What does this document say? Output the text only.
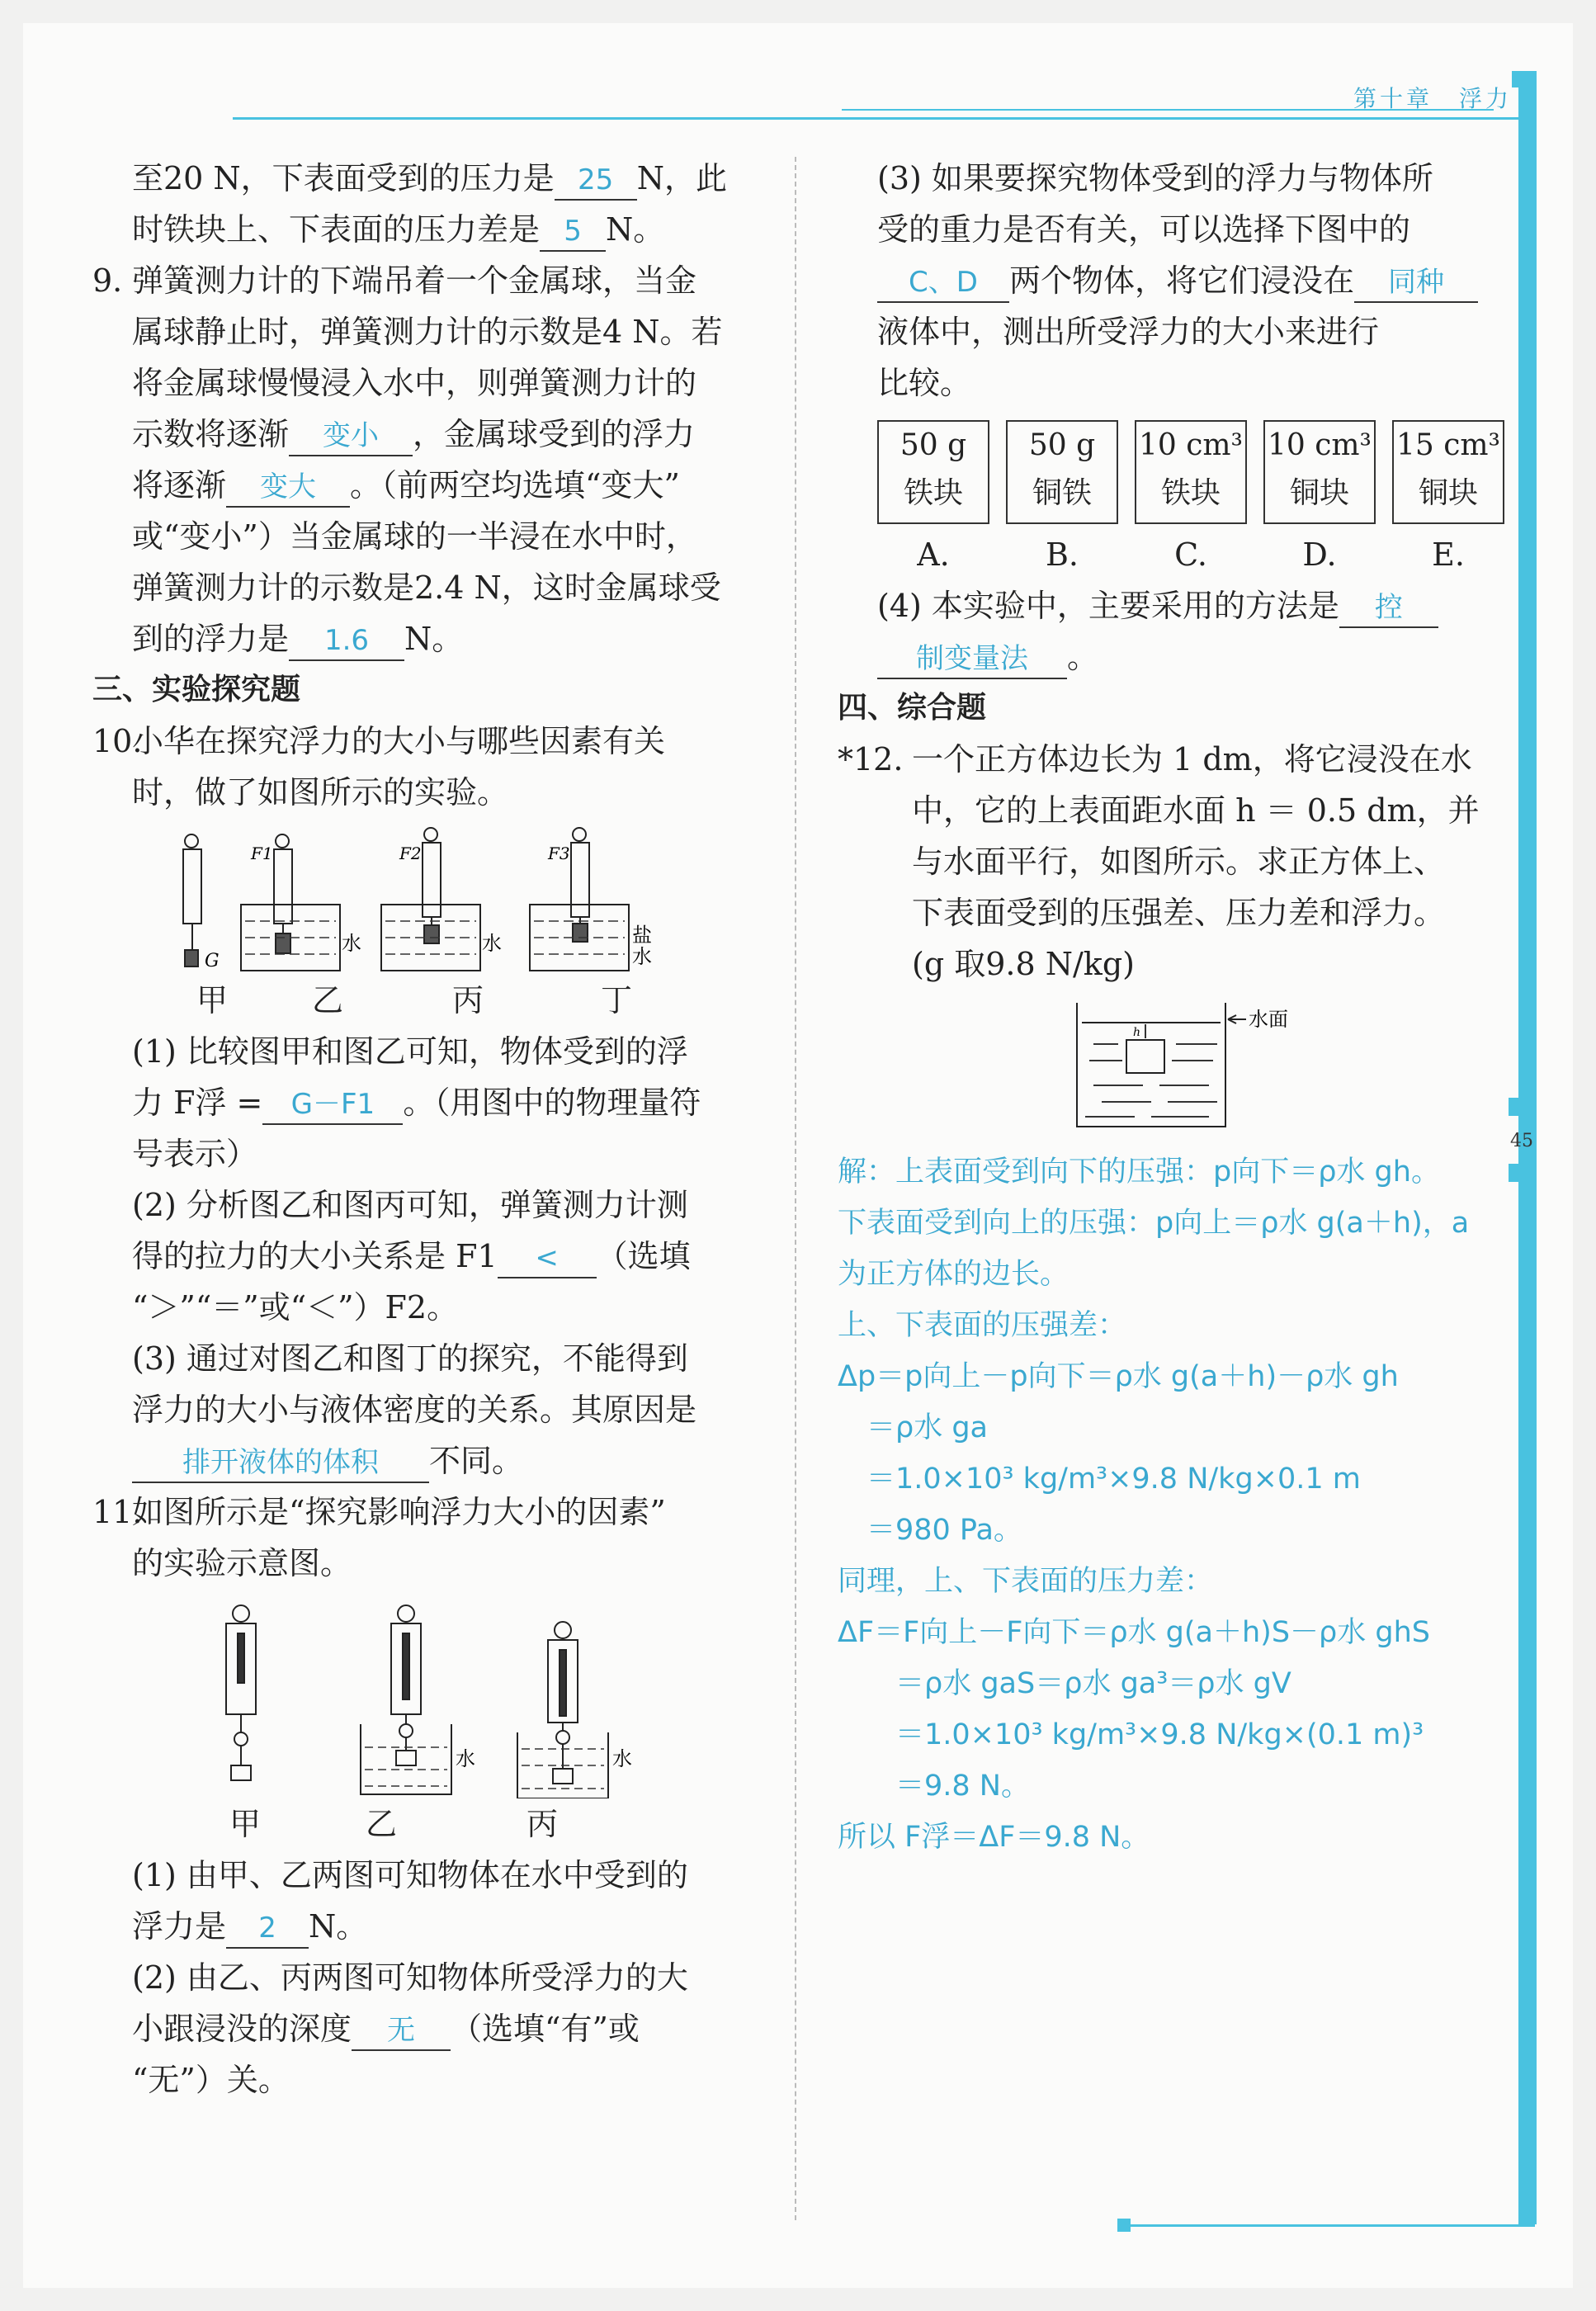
第十章　浮力
45

至20 N，下表面受到的压力是 25 N，此

时铁块上、下表面的压力差是 5 N。

9. 弹簧测力计的下端吊着一个金属球，当金

属球静止时，弹簧测力计的示数是4 N。若

将金属球慢慢浸入水中，则弹簧测力计的

示数将逐渐 变小 ，金属球受到的浮力

将逐渐 变大 。（前两空均选填“变大”

或“变小”）当金属球的一半浸在水中时，

弹簧测力计的示数是2.4 N，这时金属球受

到的浮力是 1.6 N。

三、实验探究题

10.小华在探究浮力的大小与哪些因素有关

时，做了如图所示的实验。

G
F1	F2	F3
水	水	盐
水
甲	乙	丙	丁

(1) 比较图甲和图乙可知，物体受到的浮

力 F浮 = G－F1 。（用图中的物理量符

号表示）

(2) 分析图乙和图丙可知，弹簧测力计测

得的拉力的大小关系是 F1 < （选填

“＞”“＝”或“＜”）F2。

(3) 通过对图乙和图丁的探究，不能得到

浮力的大小与液体密度的关系。其原因是

排开液体的体积 不同。

11.如图所示是“探究影响浮力大小的因素”

的实验示意图。

水	水
甲	乙	丙

(1) 由甲、乙两图可知物体在水中受到的

浮力是 2 N。

(2) 由乙、丙两图可知物体所受浮力的大

小跟浸没的深度 无 （选填“有”或

“无”）关。

(3) 如果要探究物体受到的浮力与物体所

受的重力是否有关，可以选择下图中的

C、D 两个物体，将它们浸没在 同种

液体中，测出所受浮力的大小来进行

比较。

50 g
铁块
50 g
铜铁
10 cm³
铁块
10 cm³
铜块
15 cm³
铜块
A.	B.	C.	D.	E.

(4) 本实验中，主要采用的方法是 控

制变量法 。

四、综合题

*12. 一个正方体边长为 1 dm，将它浸没在水

中，它的上表面距水面 h ＝ 0.5 dm，并

与水面平行，如图所示。求正方体上、

下表面受到的压强差、压力差和浮力。

(g 取9.8 N/kg)

h
水面

解：上表面受到向下的压强：p向下＝ρ水 gh。

下表面受到向上的压强：p向上＝ρ水 g(a＋h)，a

为正方体的边长。

上、下表面的压强差：

Δp＝p向上－p向下＝ρ水 g(a＋h)－ρ水 gh

　＝ρ水 ga

　＝1.0×10³ kg/m³×9.8 N/kg×0.1 m

　＝980 Pa。

同理，上、下表面的压力差：

ΔF＝F向上－F向下＝ρ水 g(a＋h)S－ρ水 ghS

　　＝ρ水 gaS＝ρ水 ga³＝ρ水 gV

　　＝1.0×10³ kg/m³×9.8 N/kg×(0.1 m)³

　　＝9.8 N。

所以 F浮＝ΔF＝9.8 N。
